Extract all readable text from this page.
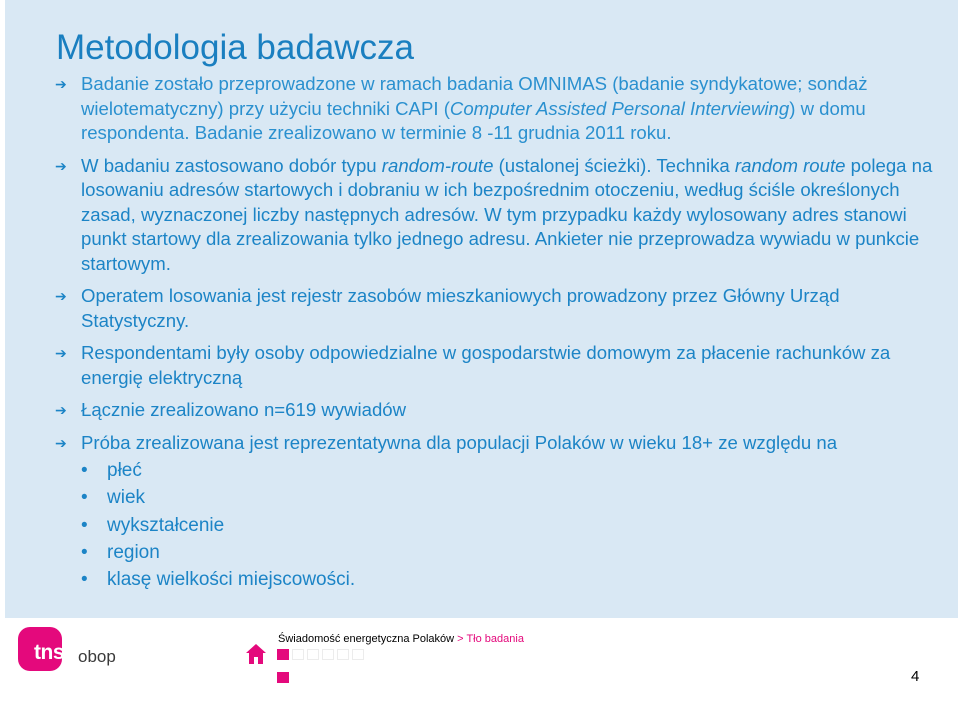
Metodologia badawcza
➔ Badanie zostało przeprowadzone w ramach badania OMNIMAS (badanie syndykatowe; sondaż wielotematyczny) przy użyciu techniki CAPI (Computer Assisted Personal Interviewing) w domu respondenta. Badanie zrealizowano w terminie 8 -11 grudnia 2011 roku.
➔ W badaniu zastosowano dobór typu random-route (ustalonej ścieżki). Technika random route polega na losowaniu adresów startowych i dobraniu w ich bezpośrednim otoczeniu, według ściśle określonych zasad, wyznaczonej liczby następnych adresów. W tym przypadku każdy wylosowany adres stanowi punkt startowy dla zrealizowania tylko jednego adresu. Ankieter nie przeprowadza wywiadu w punkcie startowym.
➔ Operatem losowania jest rejestr zasobów mieszkaniowych prowadzony przez Główny Urząd Statystyczny.
➔ Respondentami były osoby odpowiedzialne w gospodarstwie domowym za płacenie rachunków za energię elektryczną
➔ Łącznie zrealizowano n=619 wywiadów
➔ Próba zrealizowana jest reprezentatywna dla populacji Polaków w wieku 18+ ze względu na
• płeć
• wiek
• wykształcenie
• region
• klasę wielkości miejscowości.
tns obop
Świadomość energetyczna Polaków > Tło badania
4
